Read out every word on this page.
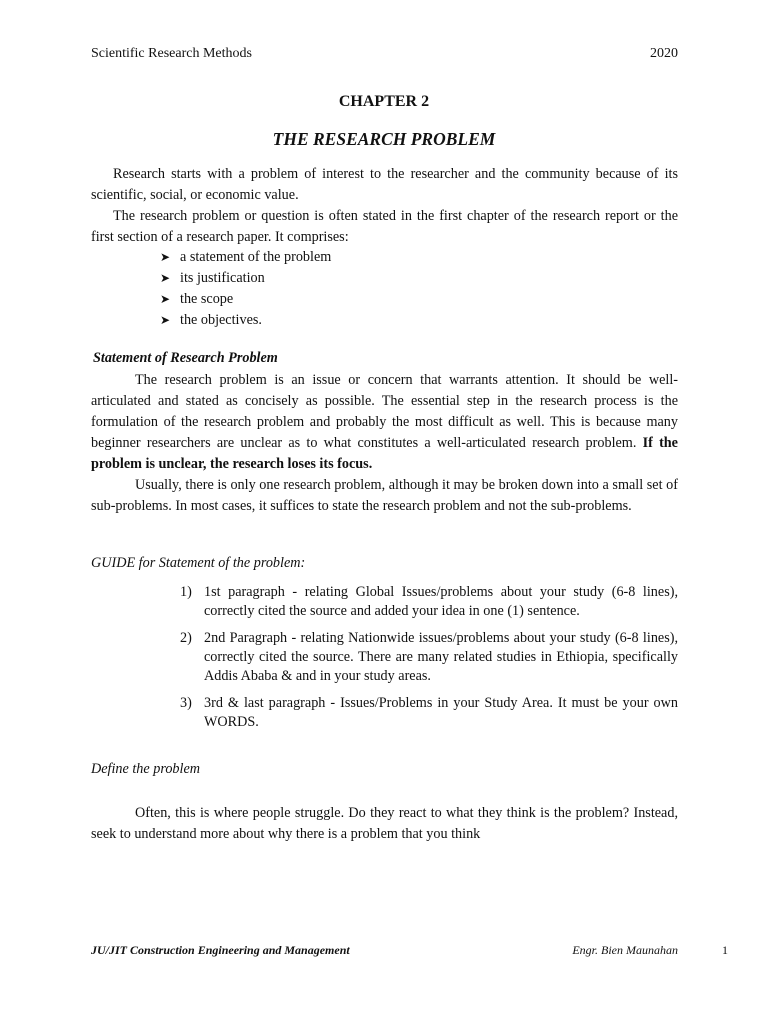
Scientific Research Methods	2020
CHAPTER 2
THE RESEARCH PROBLEM
Research starts with a problem of interest to the researcher and the community because of its scientific, social, or economic value.
The research problem or question is often stated in the first chapter of the research report or the first section of a research paper. It comprises:
➤ a statement of the problem
➤ its justification
➤ the scope
➤ the objectives.
Statement of Research Problem
The research problem is an issue or concern that warrants attention. It should be well-articulated and stated as concisely as possible. The essential step in the research process is the formulation of the research problem and probably the most difficult as well. This is because many beginner researchers are unclear as to what constitutes a well-articulated research problem. If the problem is unclear, the research loses its focus.
Usually, there is only one research problem, although it may be broken down into a small set of sub-problems. In most cases, it suffices to state the research problem and not the sub-problems.
GUIDE for Statement of the problem:
1) 1st paragraph - relating Global Issues/problems about your study (6-8 lines), correctly cited the source and added your idea in one (1) sentence.
2) 2nd Paragraph - relating Nationwide issues/problems about your study (6-8 lines), correctly cited the source. There are many related studies in Ethiopia, specifically Addis Ababa & and in your study areas.
3) 3rd & last paragraph - Issues/Problems in your Study Area. It must be your own WORDS.
Define the problem
Often, this is where people struggle. Do they react to what they think is the problem? Instead, seek to understand more about why there is a problem that you think
JU/JIT Construction Engineering and Management	Engr. Bien Maunahan	1
